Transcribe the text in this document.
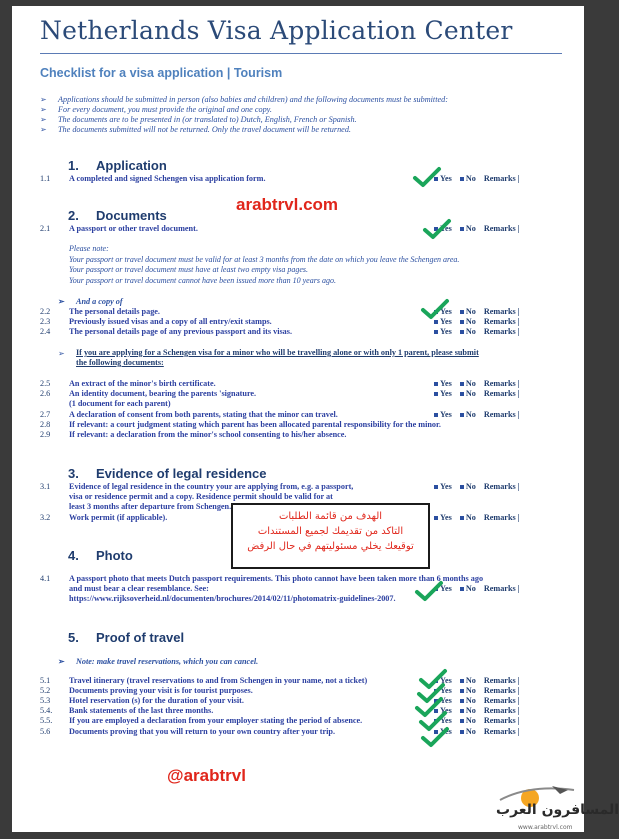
Netherlands Visa Application Center
Checklist for a visa application | Tourism
➢ Applications should be submitted in person (also babies and children) and the following documents must be submitted:
➢ For every document, you must provide the original and one copy.
➢ The documents are to be presented in (or translated to) Dutch, English, French or Spanish.
➢ The documents submitted will not be returned. Only the travel document will be returned.
1. Application
1.1 A completed and signed Schengen visa application form.	Yes No Remarks |
2. Documents
2.1 A passport or other travel document.	Yes No Remarks |
Please note:
Your passport or travel document must be valid for at least 3 months from the date on which you leave the Schengen area.
Your passport or travel document must have at least two empty visa pages.
Your passport or travel document cannot have been issued more than 10 years ago.
➢ And a copy of
2.2 The personal details page.	Yes No Remarks |
2.3 Previously issued visas and a copy of all entry/exit stamps.	Yes No Remarks |
2.4 The personal details page of any previous passport and its visas.	Yes No Remarks |
➢	If you are applying for a Schengen visa for a minor who will be travelling alone or with only 1 parent, please submit
the following documents:
2.5 An extract of the minor's birth certificate.	Yes No Remarks |
2.6 An identity document, bearing the parents 'signature.
(1 document for each parent)
Yes No Remarks |
2.7 A declaration of consent from both parents, stating that the minor can travel.	Yes No Remarks |
2.8 If relevant: a court judgment stating which parent has been allocated parental responsibility for the minor.
2.9 If relevant: a declaration from the minor's school consenting to his/her absence.
3. Evidence of legal residence
3.1 Evidence of legal residence in the country your are applying from, e.g. a passport,
visa or residence permit and a copy. Residence permit should be valid for at
least 3 months after departure from Schengen.
Yes No Remarks |
3.2 Work permit (if applicable).	Yes No Remarks |
4. Photo
4.1 A passport photo that meets Dutch passport requirements. This photo cannot have been taken more than 6 months ago
and must bear a clear resemblance. See:
https://www.rijksoverheid.nl/documenten/brochures/2014/02/11/photomatrix-guidelines-2007.
Yes No Remarks |
5. Proof of travel
➢ Note: make travel reservations, which you can cancel.
5.1 Travel itinerary (travel reservations to and from Schengen in your name, not a ticket)	Yes No Remarks |
5.2 Documents proving your visit is for tourist purposes.	Yes No Remarks |
5.3 Hotel reservation (s) for the duration of your visit.	Yes No Remarks |
5.4. Bank statements of the last three months.	Yes No Remarks |
5.5. If you are employed a declaration from your employer stating the period of absence.	Yes No Remarks |
5.6 Documents proving that you will return to your own country after your trip.	Yes No Remarks |
arabtrvl.com
@arabtrvl
الهدف من قائمة الطلبات
التاكد من تقديمك لجميع المستندات
توقيعك يخلي مسئوليتهم في حال الرفض
المسافرون العرب
www.arabtrvl.com
